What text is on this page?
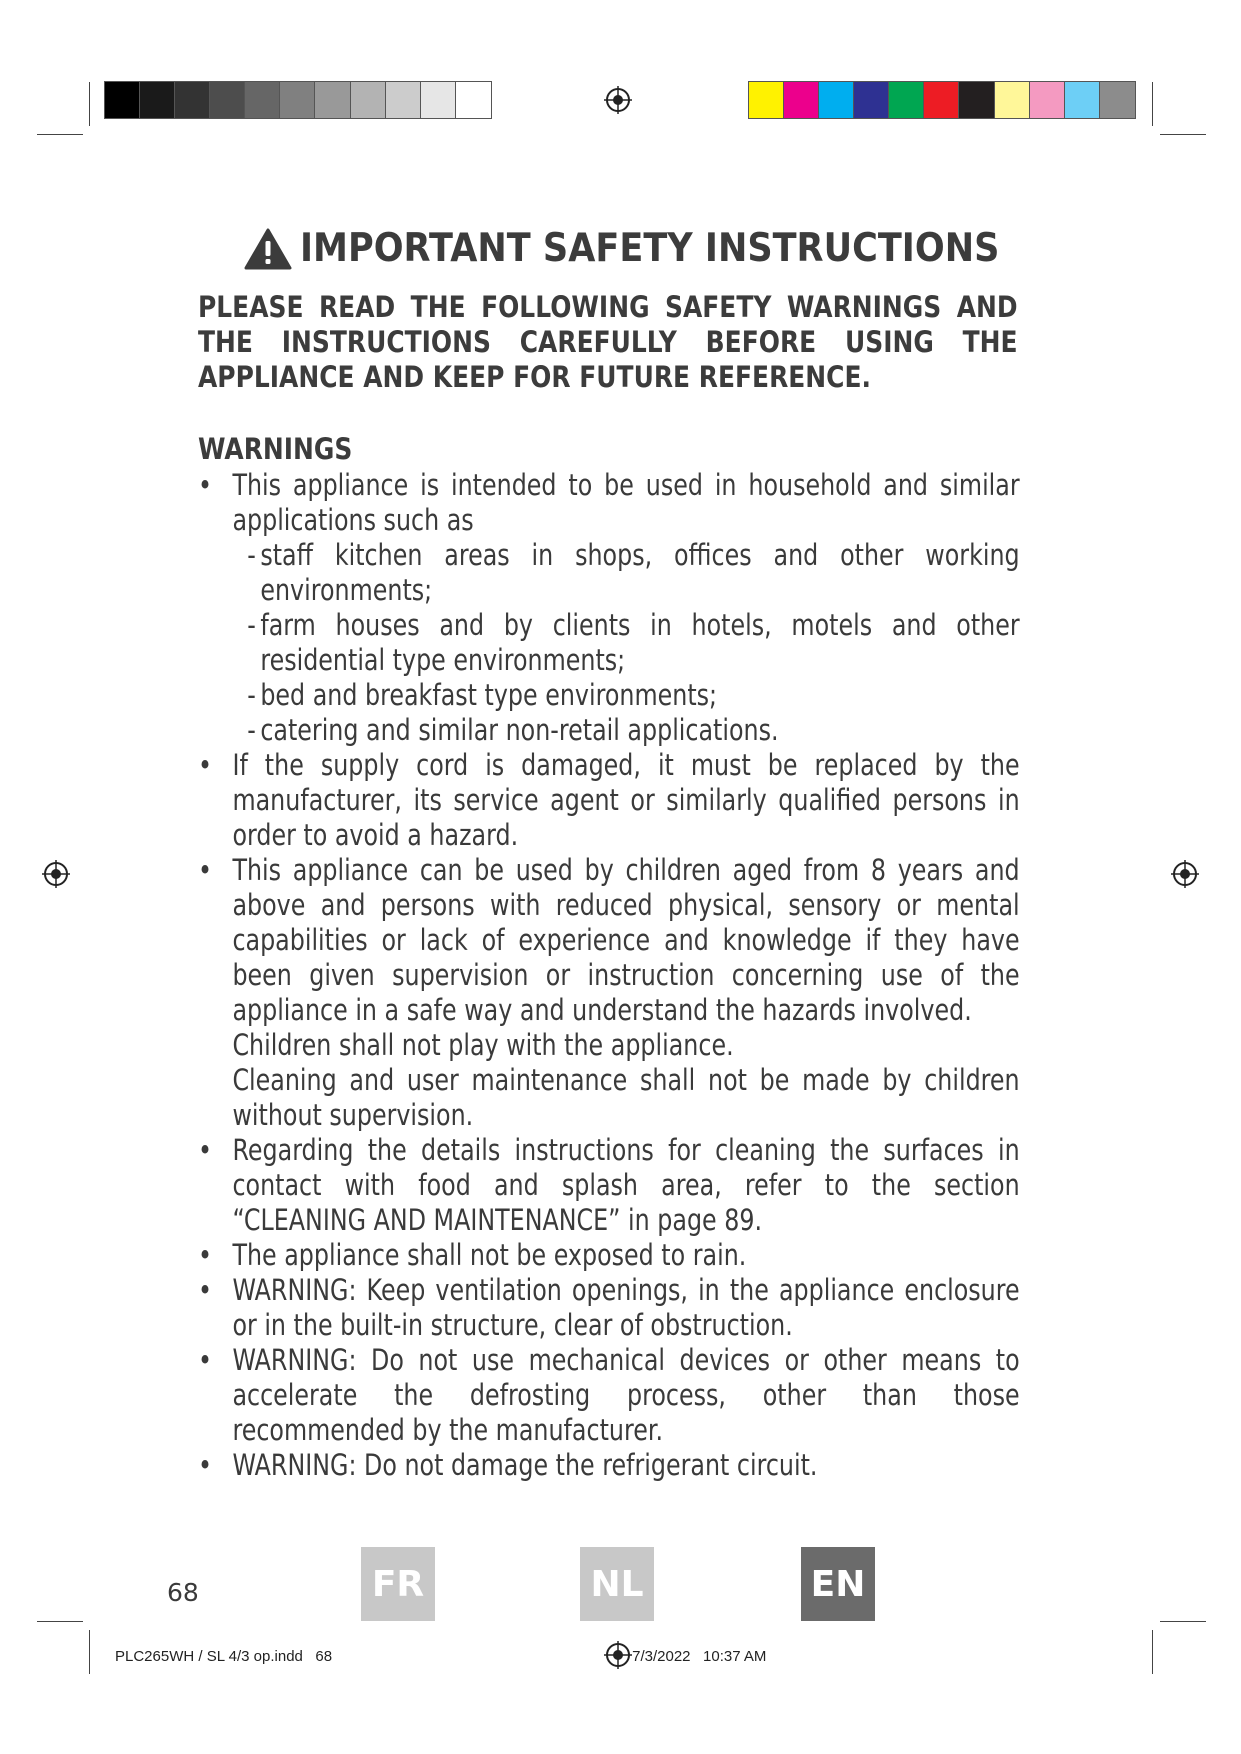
IMPORTANT SAFETY INSTRUCTIONS
PLEASE READ THE FOLLOWING SAFETY WARNINGS AND THE INSTRUCTIONS CAREFULLY BEFORE USING THE APPLIANCE AND KEEP FOR FUTURE REFERENCE.
WARNINGS
• This appliance is intended to be used in household and similar applications such as
- staff kitchen areas in shops, offices and other working environments;
- farm houses and by clients in hotels, motels and other residential type environments;
- bed and breakfast type environments;
- catering and similar non-retail applications.
• If the supply cord is damaged, it must be replaced by the manufacturer, its service agent or similarly qualified persons in order to avoid a hazard.
• This appliance can be used by children aged from 8 years and above and persons with reduced physical, sensory or mental capabilities or lack of experience and knowledge if they have been given supervision or instruction concerning use of the appliance in a safe way and understand the hazards involved.
Children shall not play with the appliance.
Cleaning and user maintenance shall not be made by children without supervision.
• Regarding the details instructions for cleaning the surfaces in contact with food and splash area, refer to the section “CLEANING AND MAINTENANCE” in page 89.
• The appliance shall not be exposed to rain.
• WARNING: Keep ventilation openings, in the appliance enclosure or in the built-in structure, clear of obstruction.
• WARNING: Do not use mechanical devices or other means to accelerate the defrosting process, other than those recommended by the manufacturer.
• WARNING: Do not damage the refrigerant circuit.
68	FR	NL	EN
PLC265WH / SL 4/3 op.indd   68                                                                        7/3/2022   10:37 AM
